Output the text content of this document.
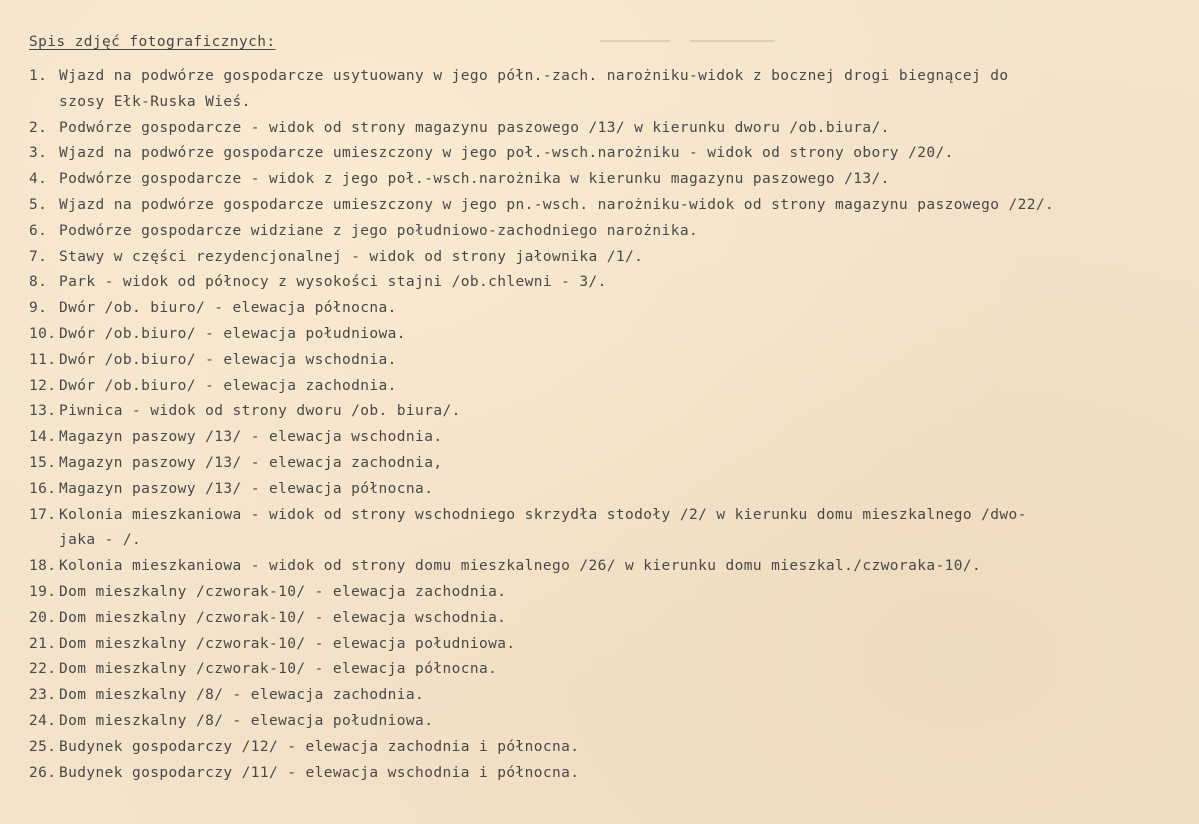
Spis zdjęć fotograficznych:
1. Wjazd na podwórze gospodarcze usytuowany w jego półn.-zach. narożniku-widok z bocznej drogi biegnącej do
szosy Ełk-Ruska Wieś.
2. Podwórze gospodarcze - widok od strony magazynu paszowego /13/ w kierunku dworu /ob.biura/.
3. Wjazd na podwórze gospodarcze umieszczony w jego poł.-wsch.narożniku - widok od strony obory /20/.
4. Podwórze gospodarcze - widok z jego poł.-wsch.narożnika w kierunku magazynu paszowego /13/.
5. Wjazd na podwórze gospodarcze umieszczony w jego pn.-wsch. narożniku-widok od strony magazynu paszowego /22/.
6. Podwórze gospodarcze widziane z jego południowo-zachodniego narożnika.
7. Stawy w części rezydencjonalnej - widok od strony jałownika /1/.
8. Park - widok od północy z wysokości stajni /ob.chlewni - 3/.
9. Dwór /ob. biuro/ - elewacja północna.
10. Dwór /ob.biuro/ - elewacja południowa.
11. Dwór /ob.biuro/ - elewacja wschodnia.
12. Dwór /ob.biuro/ - elewacja zachodnia.
13. Piwnica - widok od strony dworu /ob. biura/.
14. Magazyn paszowy /13/ - elewacja wschodnia.
15. Magazyn paszowy /13/ - elewacja zachodnia,
16. Magazyn paszowy /13/ - elewacja północna.
17. Kolonia mieszkaniowa - widok od strony wschodniego skrzydła stodoły /2/ w kierunku domu mieszkalnego /dwo-
jaka - /.
18. Kolonia mieszkaniowa - widok od strony domu mieszkalnego /26/ w kierunku domu mieszkal./czworaka-10/.
19. Dom mieszkalny /czworak-10/ - elewacja zachodnia.
20. Dom mieszkalny /czworak-10/ - elewacja wschodnia.
21. Dom mieszkalny /czworak-10/ - elewacja południowa.
22. Dom mieszkalny /czworak-10/ - elewacja północna.
23. Dom mieszkalny /8/ - elewacja zachodnia.
24. Dom mieszkalny /8/ - elewacja południowa.
25. Budynek gospodarczy /12/ - elewacja zachodnia i północna.
26. Budynek gospodarczy /11/ - elewacja wschodnia i północna.
